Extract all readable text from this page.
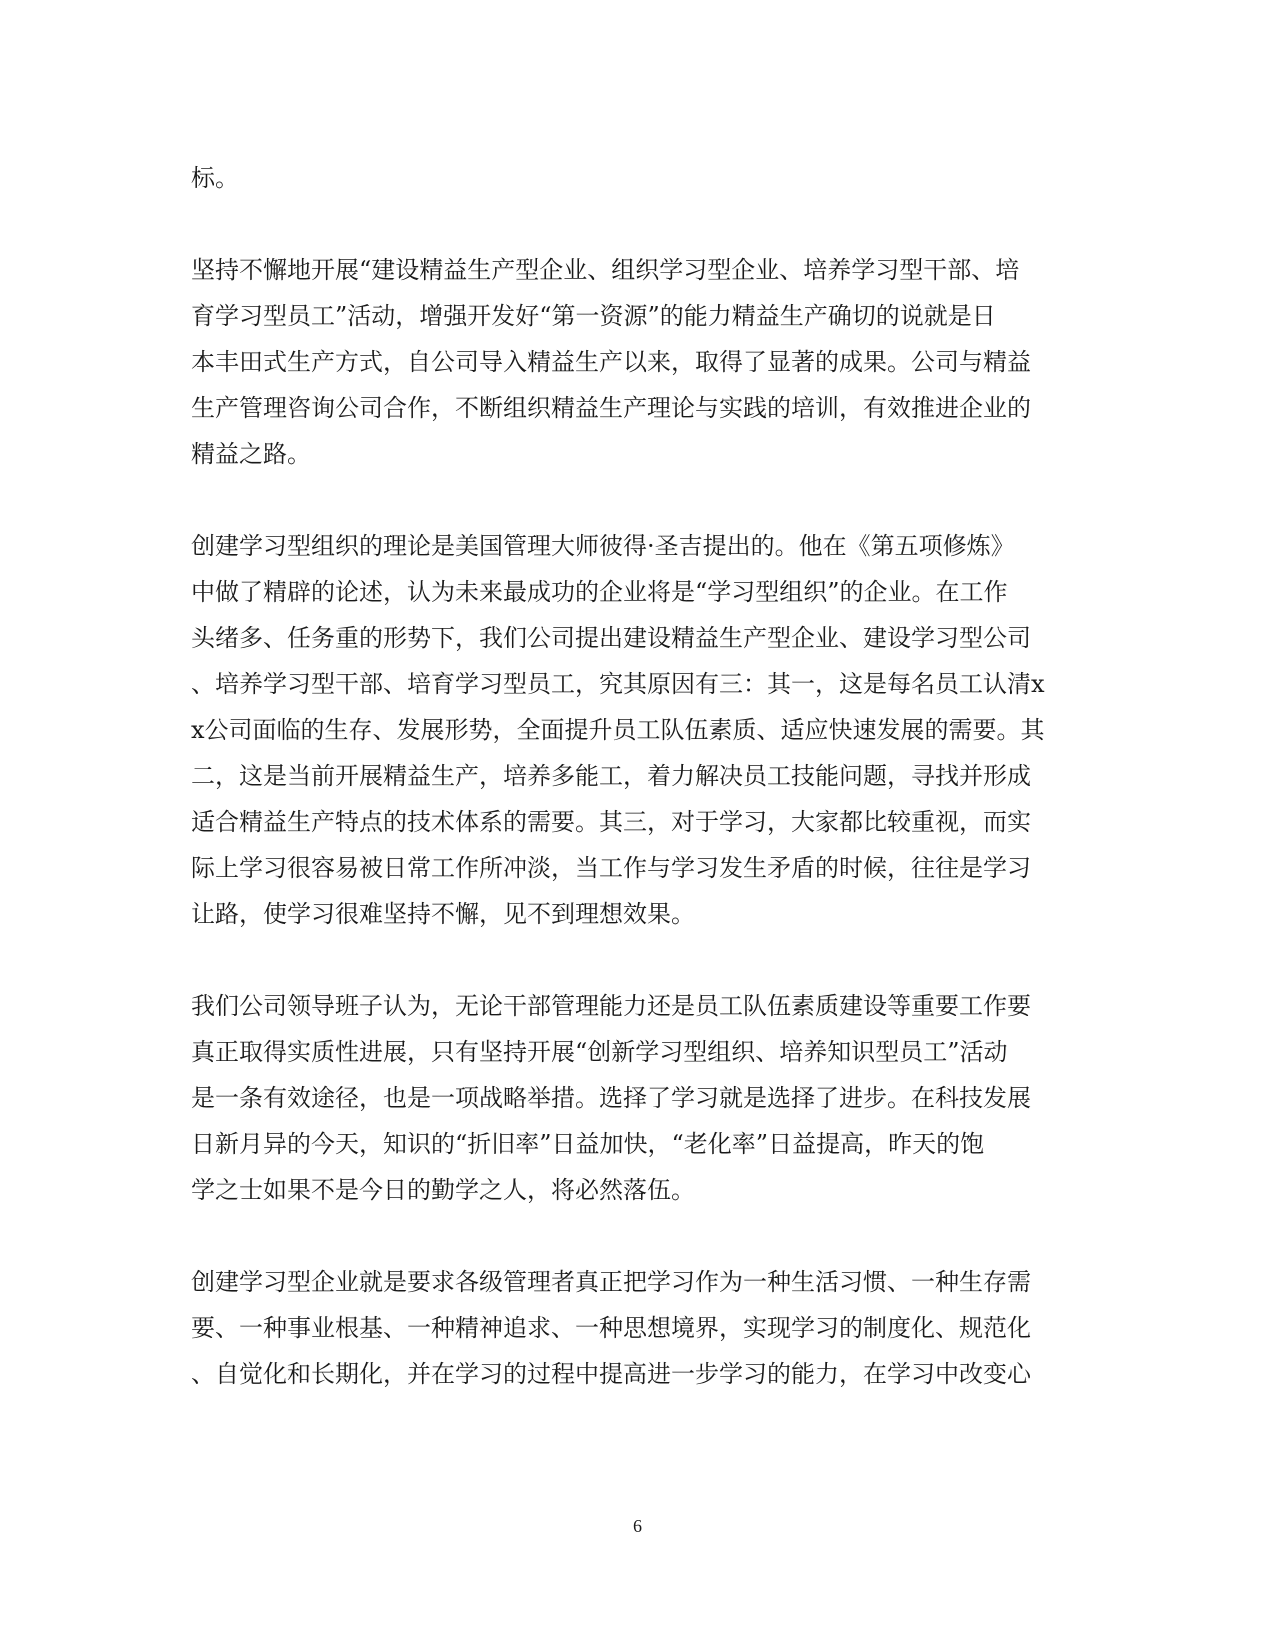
标。
坚持不懈地开展“建设精益生产型企业、组织学习型企业、培养学习型干部、培
育学习型员工”活动，增强开发好“第一资源”的能力精益生产确切的说就是日
本丰田式生产方式，自公司导入精益生产以来，取得了显著的成果。公司与精益
生产管理咨询公司合作，不断组织精益生产理论与实践的培训，有效推进企业的
精益之路。
创建学习型组织的理论是美国管理大师彼得·圣吉提出的。他在《第五项修炼》
中做了精辟的论述，认为未来最成功的企业将是“学习型组织”的企业。在工作
头绪多、任务重的形势下，我们公司提出建设精益生产型企业、建设学习型公司
、培养学习型干部、培育学习型员工，究其原因有三：其一，这是每名员工认清x
x公司面临的生存、发展形势，全面提升员工队伍素质、适应快速发展的需要。其
二，这是当前开展精益生产，培养多能工，着力解决员工技能问题，寻找并形成
适合精益生产特点的技术体系的需要。其三，对于学习，大家都比较重视，而实
际上学习很容易被日常工作所冲淡，当工作与学习发生矛盾的时候，往往是学习
让路，使学习很难坚持不懈，见不到理想效果。
我们公司领导班子认为，无论干部管理能力还是员工队伍素质建设等重要工作要
真正取得实质性进展，只有坚持开展“创新学习型组织、培养知识型员工”活动
是一条有效途径，也是一项战略举措。选择了学习就是选择了进步。在科技发展
日新月异的今天，知识的“折旧率”日益加快，“老化率”日益提高，昨天的饱
学之士如果不是今日的勤学之人，将必然落伍。
创建学习型企业就是要求各级管理者真正把学习作为一种生活习惯、一种生存需
要、一种事业根基、一种精神追求、一种思想境界，实现学习的制度化、规范化
、自觉化和长期化，并在学习的过程中提高进一步学习的能力，在学习中改变心
6
